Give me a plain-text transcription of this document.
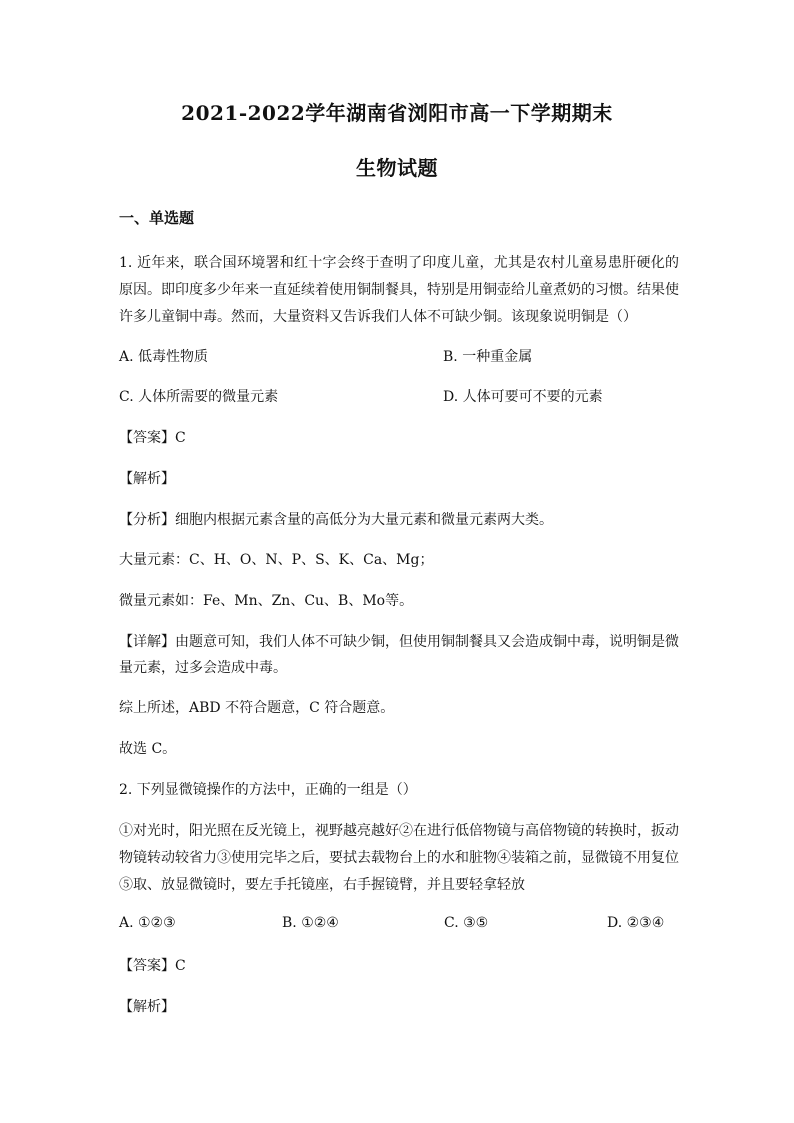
2021-2022学年湖南省浏阳市高一下学期期末
生物试题
一、单选题
1. 近年来，联合国环境署和红十字会终于查明了印度儿童，尤其是农村儿童易患肝硬化的
原因。即印度多少年来一直延续着使用铜制餐具，特别是用铜壶给儿童煮奶的习惯。结果使
许多儿童铜中毒。然而，大量资料又告诉我们人体不可缺少铜。该现象说明铜是（）
A. 低毒性物质	B. 一种重金属
C. 人体所需要的微量元素	D. 人体可要可不要的元素
【答案】C
【解析】
【分析】细胞内根据元素含量的高低分为大量元素和微量元素两大类。
大量元素：C、H、O、N、P、S、K、Ca、Mg；
微量元素如：Fe、Mn、Zn、Cu、B、Mo等。
【详解】由题意可知，我们人体不可缺少铜，但使用铜制餐具又会造成铜中毒，说明铜是微
量元素，过多会造成中毒。
综上所述，ABD 不符合题意，C 符合题意。
故选 C。
2. 下列显微镜操作的方法中，正确的一组是（）
①对光时，阳光照在反光镜上，视野越亮越好②在进行低倍物镜与高倍物镜的转换时，扳动
物镜转动较省力③使用完毕之后，要拭去载物台上的水和脏物④装箱之前，显微镜不用复位
⑤取、放显微镜时，要左手托镜座，右手握镜臂，并且要轻拿轻放
A. ①②③	B. ①②④	C. ③⑤	D. ②③④
【答案】C
【解析】
